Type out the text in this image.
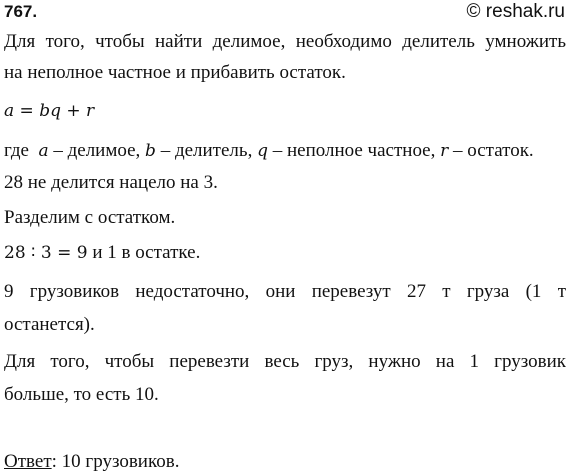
767.	© reshak.ru
Для того, чтобы найти делимое, необходимо делитель умножить
на неполное частное и прибавить остаток.
a = bq + r
где a – делимое, b – делитель, q – неполное частное, r – остаток.
28 не делится нацело на 3.
Разделим с остатком.
28 ∶ 3 = 9 и 1 в остатке.
9 грузовиков недостаточно, они перевезут 27 т груза (1 т
останется).
Для того, чтобы перевезти весь груз, нужно на 1 грузовик
больше, то есть 10.
Ответ: 10 грузовиков.
